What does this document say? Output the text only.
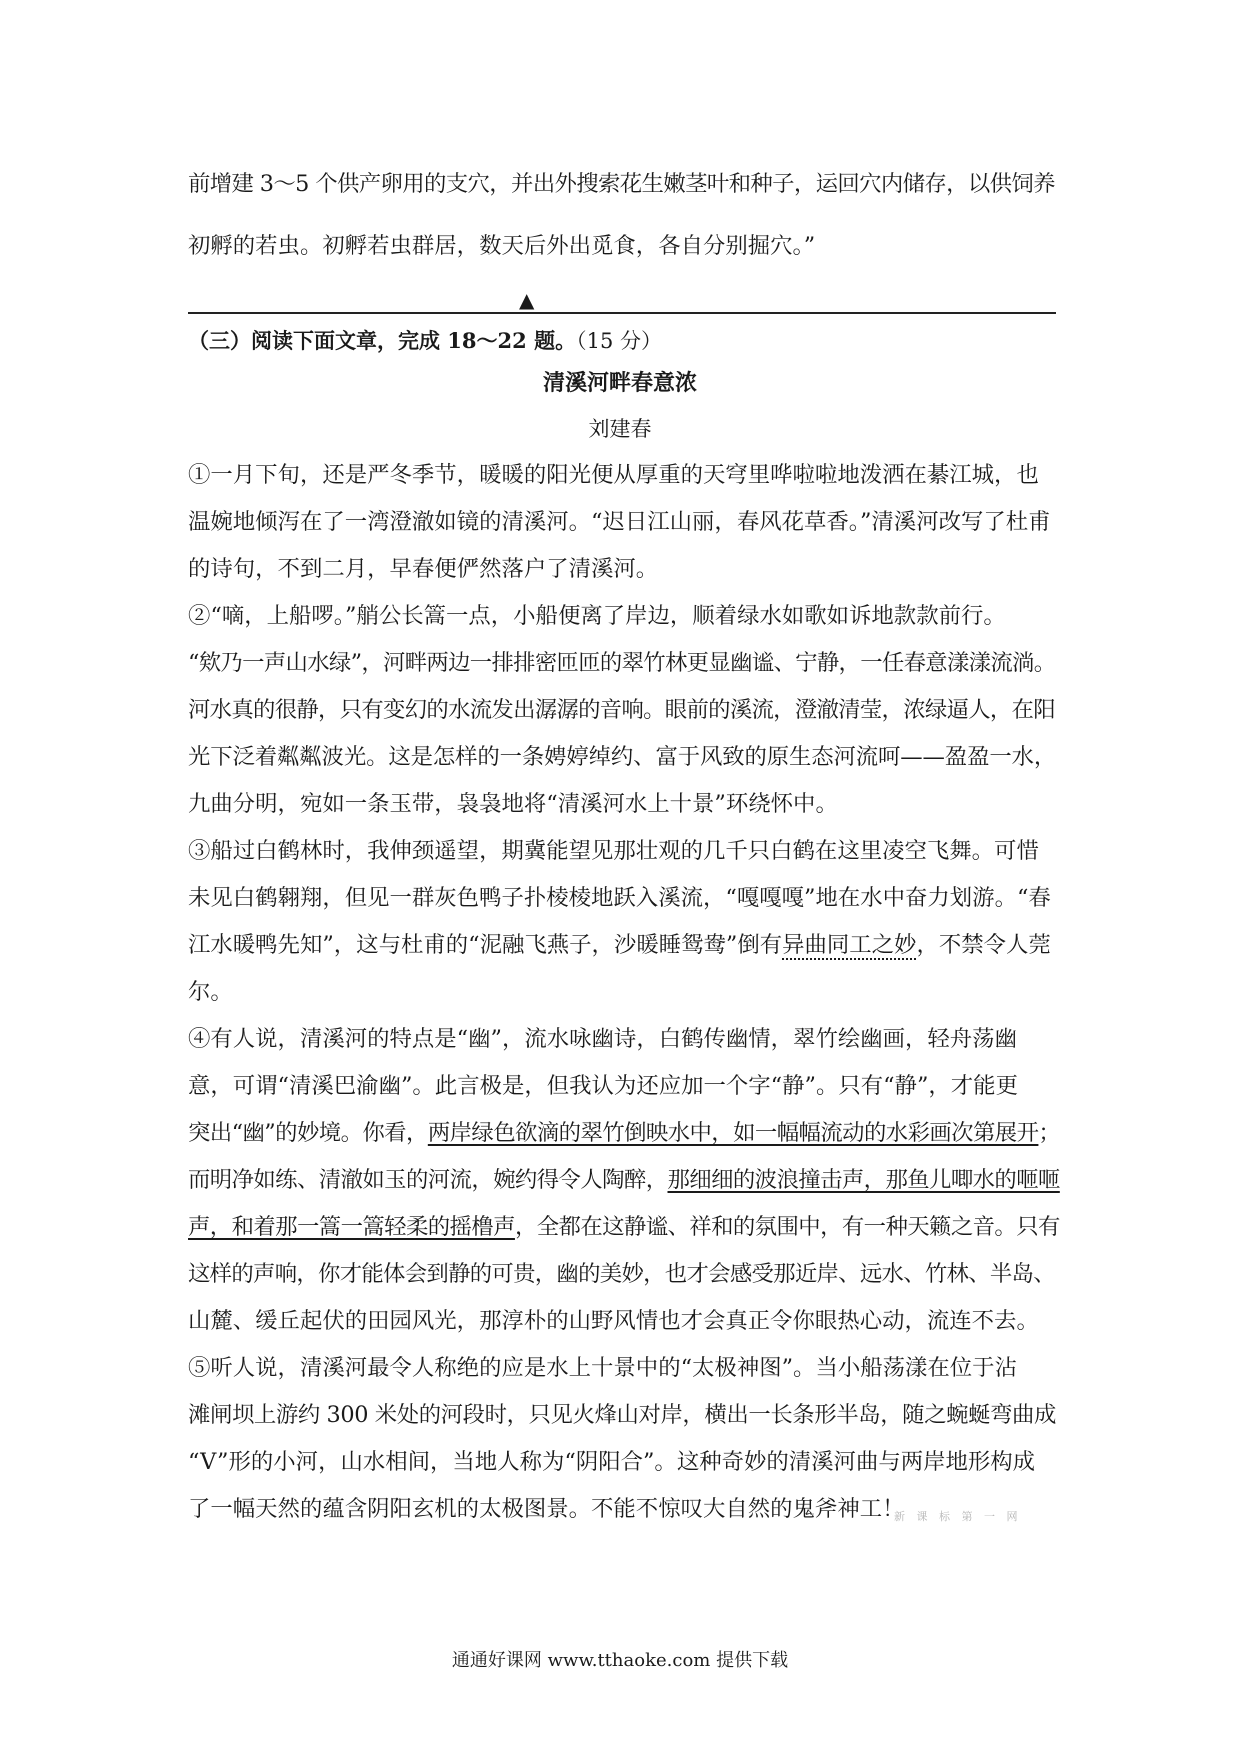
前增建 3～5 个供产卵用的支穴，并出外搜索花生嫩茎叶和种子，运回穴内储存，以供饲养
初孵的若虫。初孵若虫群居，数天后外出觅食，各自分别掘穴。”
▲
（三）阅读下面文章，完成 18～22 题。（15 分）
清溪河畔春意浓
刘建春
①一月下旬，还是严冬季节，暖暖的阳光便从厚重的天穹里哗啦啦地泼洒在綦江城，也
温婉地倾泻在了一湾澄澈如镜的清溪河。“迟日江山丽，春风花草香。”清溪河改写了杜甫
的诗句，不到二月，早春便俨然落户了清溪河。
②“嘀，上船啰。”艄公长篙一点，小船便离了岸边，顺着绿水如歌如诉地款款前行。
“欸乃一声山水绿”，河畔两边一排排密匝匝的翠竹林更显幽谧、宁静，一任春意漾漾流淌。
河水真的很静，只有变幻的水流发出潺潺的音响。眼前的溪流，澄澈清莹，浓绿逼人，在阳
光下泛着粼粼波光。这是怎样的一条娉婷绰约、富于风致的原生态河流呵——盈盈一水，
九曲分明，宛如一条玉带，袅袅地将“清溪河水上十景”环绕怀中。
③船过白鹤林时，我伸颈遥望，期冀能望见那壮观的几千只白鹤在这里凌空飞舞。可惜
未见白鹤翱翔，但见一群灰色鸭子扑棱棱地跃入溪流，“嘎嘎嘎”地在水中奋力划游。“春
江水暖鸭先知”，这与杜甫的“泥融飞燕子，沙暖睡鸳鸯”倒有异曲同工之妙，不禁令人莞
尔。
④有人说，清溪河的特点是“幽”，流水咏幽诗，白鹤传幽情，翠竹绘幽画，轻舟荡幽
意，可谓“清溪巴渝幽”。此言极是，但我认为还应加一个字“静”。只有“静”，才能更
突出“幽”的妙境。你看，两岸绿色欲滴的翠竹倒映水中，如一幅幅流动的水彩画次第展开；
而明净如练、清澈如玉的河流，婉约得令人陶醉，那细细的波浪撞击声，那鱼儿唧水的咂咂
声，和着那一篙一篙轻柔的摇橹声，全都在这静谧、祥和的氛围中，有一种天籁之音。只有
这样的声响，你才能体会到静的可贵，幽的美妙，也才会感受那近岸、远水、竹林、半岛、
山麓、缓丘起伏的田园风光，那淳朴的山野风情也才会真正令你眼热心动，流连不去。
⑤听人说，清溪河最令人称绝的应是水上十景中的“太极神图”。当小船荡漾在位于沾
滩闸坝上游约 300 米处的河段时，只见火烽山对岸，横出一长条形半岛，随之蜿蜒弯曲成
“V”形的小河，山水相间，当地人称为“阴阳合”。这种奇妙的清溪河曲与两岸地形构成
了一幅天然的蕴含阴阳玄机的太极图景。不能不惊叹大自然的鬼斧神工！
新 课 标 第 一 网
通通好课网 www.tthaoke.com 提供下载
